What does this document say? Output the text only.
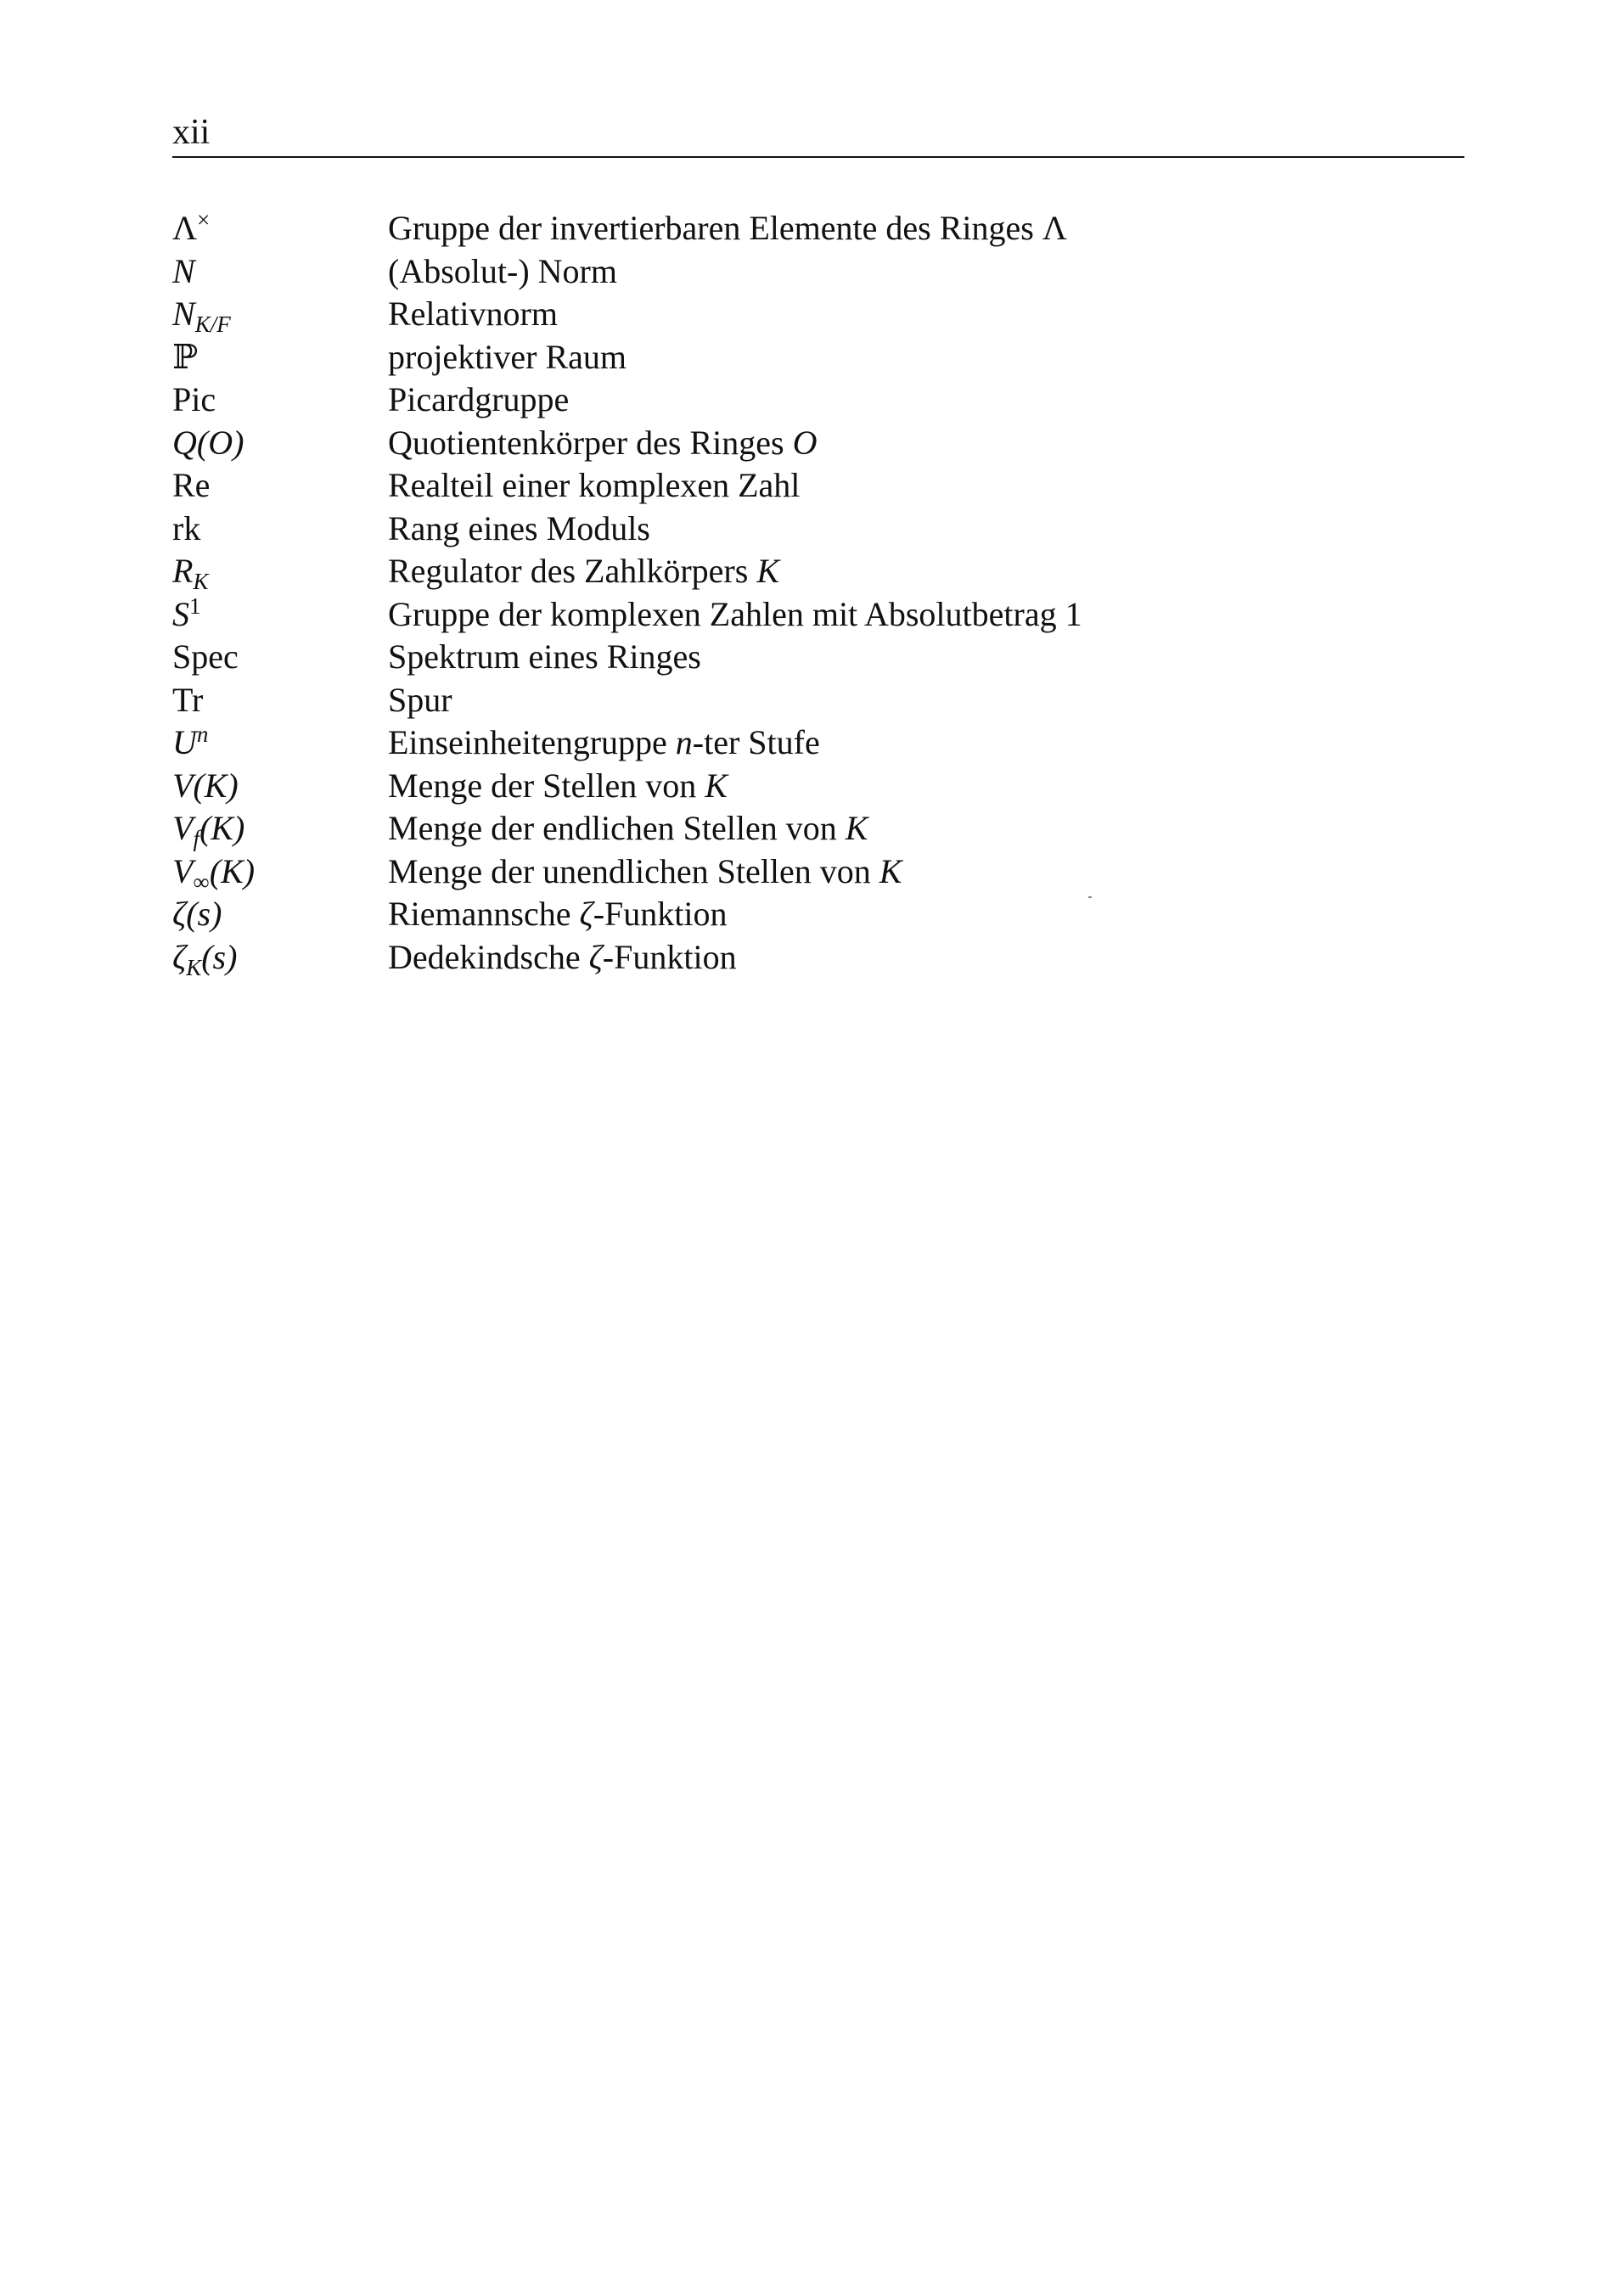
xii
Λ×	Gruppe der invertierbaren Elemente des Ringes Λ
N	(Absolut-) Norm
$N_{K/F}$	Relativnorm
ℙ	projektiver Raum
Pic	Picardgruppe
Q(O)	Quotientenkörper des Ringes O
Re	Realteil einer komplexen Zahl
rk	Rang eines Moduls
$R_K$	Regulator des Zahlkörpers K
$S^1$	Gruppe der komplexen Zahlen mit Absolutbetrag 1
Spec	Spektrum eines Ringes
Tr	Spur
$U^n$	Einseinheitengruppe n-ter Stufe
V(K)	Menge der Stellen von K
$V_f(K)$	Menge der endlichen Stellen von K
$V_\infty(K)$	Menge der unendlichen Stellen von K
ζ(s)	Riemannsche ζ-Funktion
$\zeta_K(s)$	Dedekindsche ζ-Funktion
